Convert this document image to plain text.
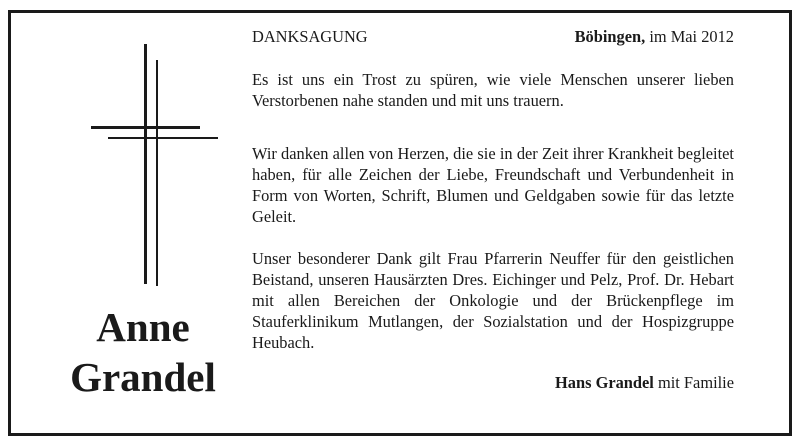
Anne
Grandel
DANKSAGUNG	Böbingen, im Mai 2012
Es ist uns ein Trost zu spüren, wie viele Menschen unserer lieben Verstorbenen nahe standen und mit uns trauern.
Wir danken allen von Herzen, die sie in der Zeit ihrer Krankheit begleitet haben, für alle Zeichen der Liebe, Freundschaft und Verbundenheit in Form von Worten, Schrift, Blumen und Geldgaben sowie für das letzte Geleit.
Unser besonderer Dank gilt Frau Pfarrerin Neuffer für den geistlichen Beistand, unseren Hausärzten Dres. Eichinger und Pelz, Prof. Dr. Hebart mit allen Bereichen der Onkologie und der Brückenpflege im Stauferklinikum Mutlangen, der Sozialstation und der Hospizgruppe Heubach.
Hans Grandel mit Familie
